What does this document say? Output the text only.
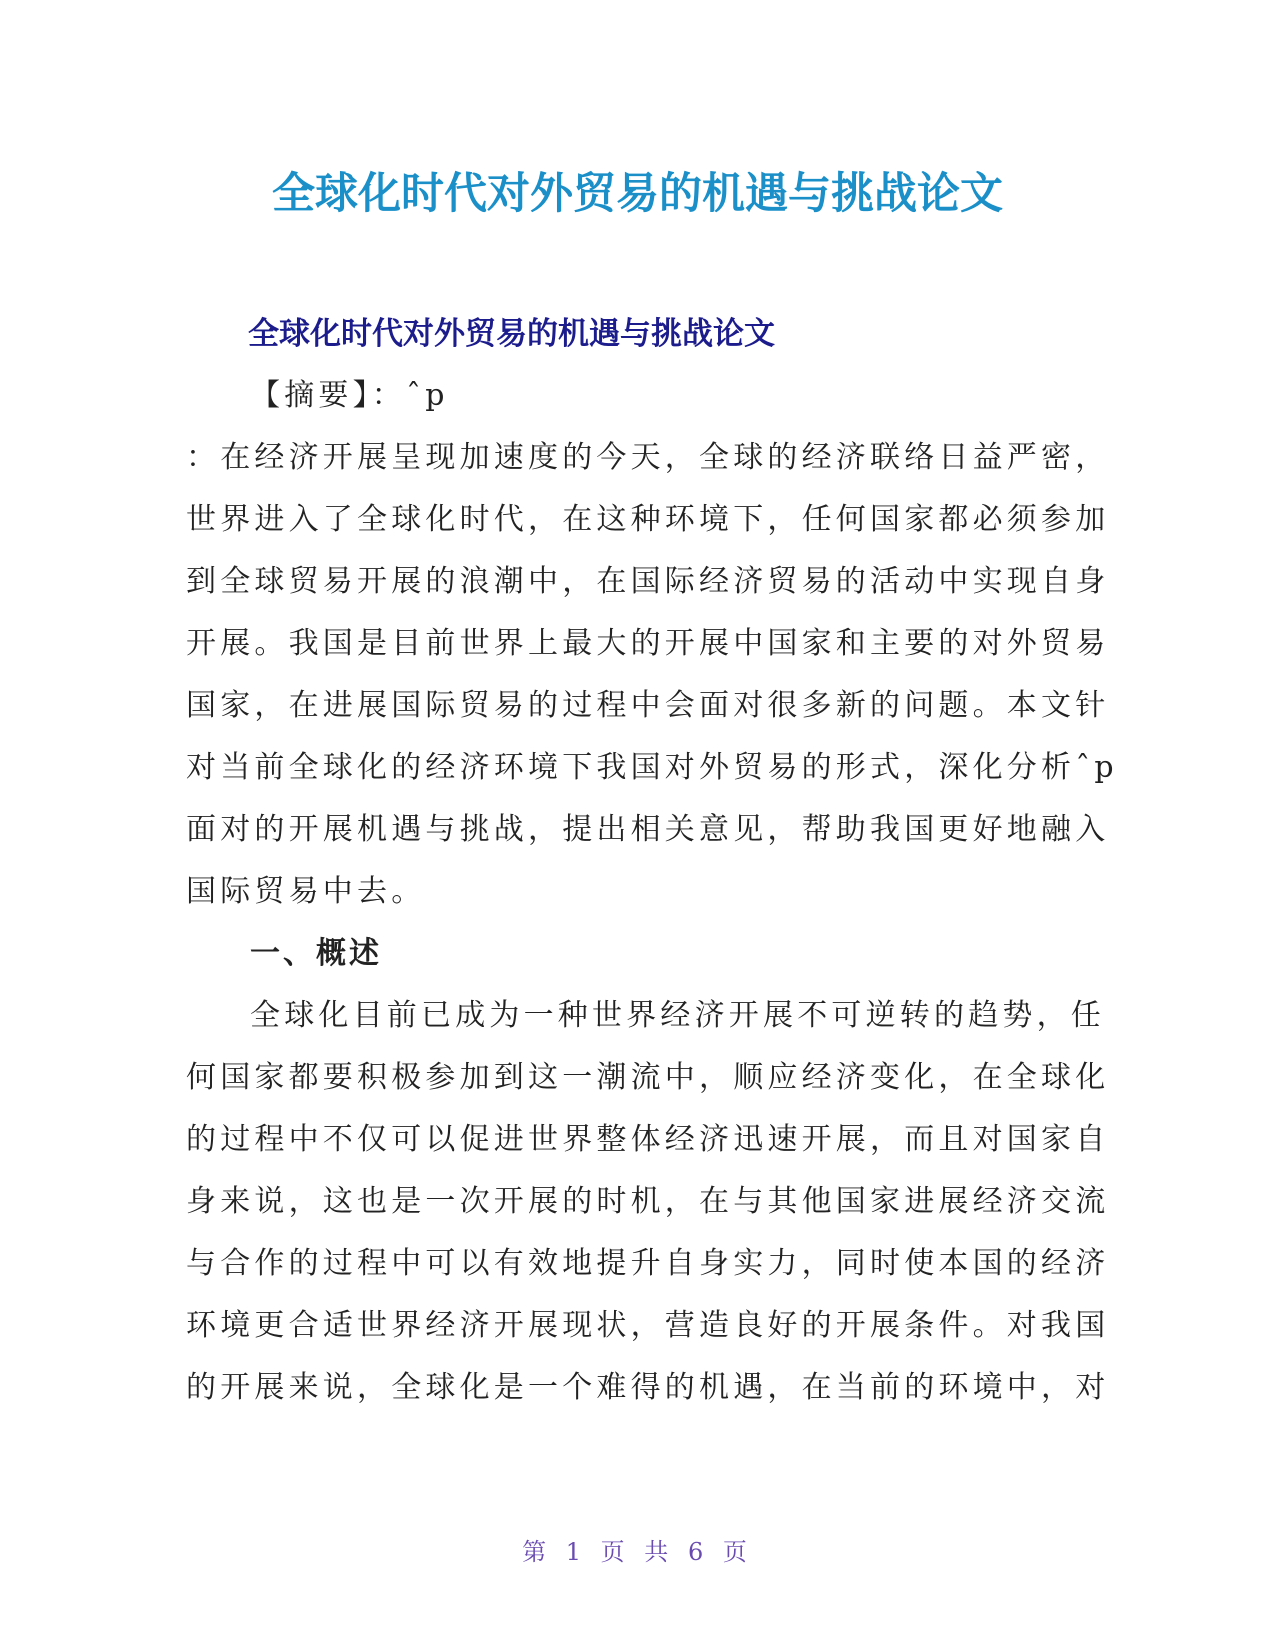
全球化时代对外贸易的机遇与挑战论文
全球化时代对外贸易的机遇与挑战论文
【摘要】：ˆp
：在经济开展呈现加速度的今天，全球的经济联络日益严密，
世界进入了全球化时代，在这种环境下，任何国家都必须参加
到全球贸易开展的浪潮中，在国际经济贸易的活动中实现自身
开展。我国是目前世界上最大的开展中国家和主要的对外贸易
国家，在进展国际贸易的过程中会面对很多新的问题。本文针
对当前全球化的经济环境下我国对外贸易的形式，深化分析ˆp
面对的开展机遇与挑战，提出相关意见，帮助我国更好地融入
国际贸易中去。
一、概述
全球化目前已成为一种世界经济开展不可逆转的趋势，任
何国家都要积极参加到这一潮流中，顺应经济变化，在全球化
的过程中不仅可以促进世界整体经济迅速开展，而且对国家自
身来说，这也是一次开展的时机，在与其他国家进展经济交流
与合作的过程中可以有效地提升自身实力，同时使本国的经济
环境更合适世界经济开展现状，营造良好的开展条件。对我国
的开展来说，全球化是一个难得的机遇，在当前的环境中，对
第 1 页 共 6 页
